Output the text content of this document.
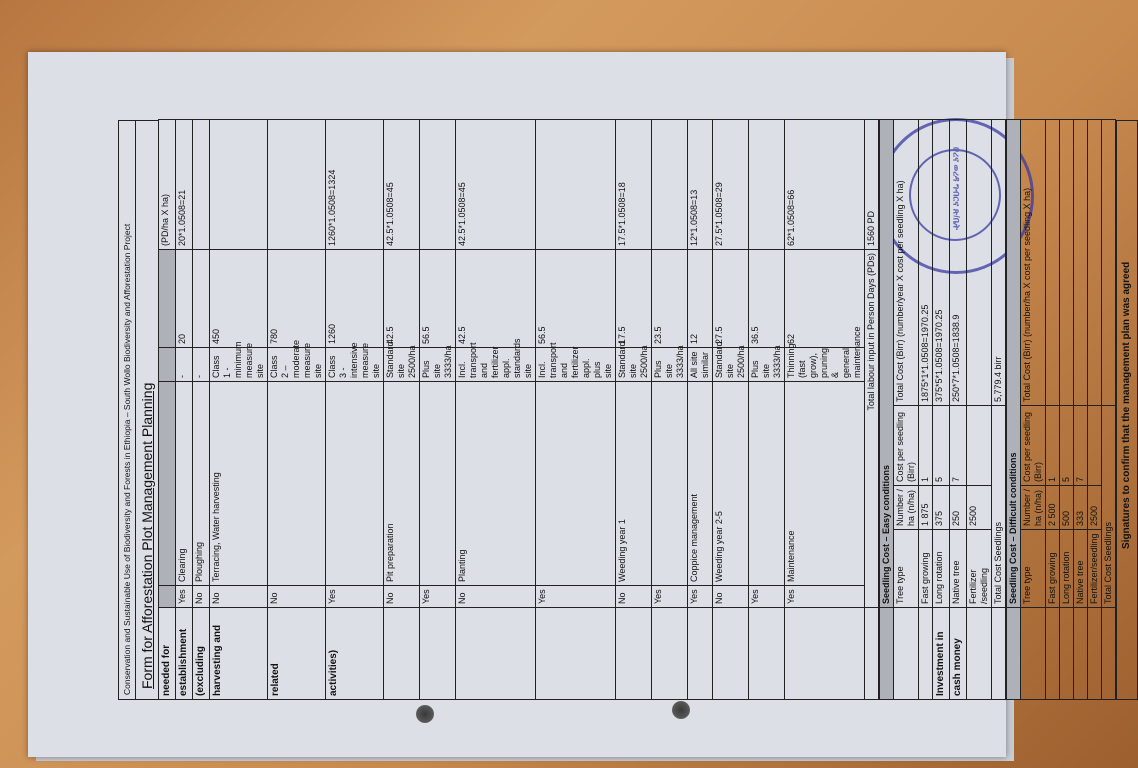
ቦረና ወረዳ ግብርና ጽ/ቤት
Conservation and Sustainable Use of Biodiversity and Forests in Ethiopia – South Wollo Biodiversity and Afforestation Project Form for Afforestation Plot Management Planning needed for					(PD/ha X ha)
establishment	Yes	Clearing	-	20	20*1.0508=21
(excluding	No	Ploughing	-		
harvesting and	No	Terracing, Water harvesting	Class 1 - minimum measure site	450	
related	No		Class 2 – moderate measure site	780	
activities)	Yes		Class 3 - intensive measure site	1260	1260*1.0508=1324
	No	Pit preparation	Standard site 2500/ha	42.5	42.5*1.0508=45
	Yes		Plus site 3333/ha	56.5	
	No	Planting	Incl. transport and fertilizer appl. standards site	42.5	42.5*1.0508=45
	Yes		Incl. transport and fertilizer appl. plus site	56.5	
	No	Weeding year 1	Standard site 2500/ha	17.5	17.5*1.0508=18
	Yes		Plus site 3333/ha	23.5	
	Yes	Coppice management	All site similar	12	12*1.0508=13
	No	Weeding year 2-5	Standard site 2500/ha	27.5	27.5*1.0508=29
	Yes		Plus site 3333/ha	36.5	
	Yes	Maintenance	Thinning (fast grow), pruning & general maintenance	62	62*1.0508=66
	Total labour input in Person Days (PDs)				1560 PD
	Seedling Cost – Easy conditions			
	Tree type	Number / ha (n/ha)	Cost per seedling (Birr)	Total Cost (Birr) (number/year X cost per seedling X ha)
	Fast growing	1 875	1	1875*1*1.0508=1970.25
Investment in	Long rotation	375	5	375*5*1.0508=1970.25
cash money	Native tree	250	7	250*7*1.0508=1838.9
	Fertilizer /seedling	2500		
	Total Cost Seedlings			5,779.4 birr
	Seedling Cost – Difficult conditions			
	Tree type	Number / ha (n/ha)	Cost per seedling (Birr)	Total Cost (Birr) (number/ha X cost per seedling X ha)
	Fast growing	2 500	1	
	Long rotation	500	5	
	Native tree	333	7	
	Fertilizer/seedling	2500		
	Total Cost Seedlings			
Signatures to confirm that the management plan was agreed
